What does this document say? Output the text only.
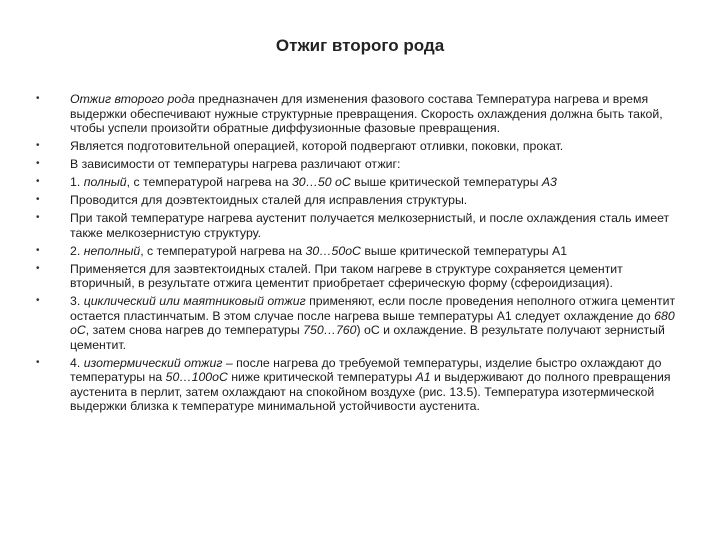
Отжиг второго рода
•	Отжиг второго рода предназначен для изменения фазового состава Температура нагрева и время выдержки обеспечивают нужные структурные превращения. Скорость охлаждения должна быть такой, чтобы успели произойти обратные диффузионные фазовые превращения.
•	Является подготовительной операцией, которой подвергают отливки, поковки, прокат.
•	В зависимости от температуры нагрева различают отжиг:
•	1. полный, с температурой нагрева на 30…50 оС выше критической температуры А3
•	Проводится для доэвтектоидных сталей для исправления структуры.
•	При такой температуре нагрева аустенит получается мелкозернистый, и после охлаждения сталь имеет также мелкозернистую структуру.
•	2. неполный, с температурой нагрева на 30…50оС выше критической температуры А1
•	Применяется для заэвтектоидных сталей. При таком нагреве в структуре сохраняется цементит вторичный, в результате отжига цементит приобретает сферическую форму (сфероидизация).
•	3. циклический или маятниковый отжиг применяют, если после проведения неполного отжига цементит остается пластинчатым. В этом случае после нагрева выше температуры А1 следует охлаждение до 680 оС, затем снова нагрев до температуры 750…760) оС и охлаждение. В результате получают зернистый цементит.
•	4. изотермический отжиг – после нагрева до требуемой температуры, изделие быстро охлаждают до температуры на 50…100оС ниже критической температуры А1 и выдерживают до полного превращения аустенита в перлит, затем охлаждают на спокойном воздухе (рис. 13.5). Температура изотермической выдержки близка к температуре минимальной устойчивости аустенита.
